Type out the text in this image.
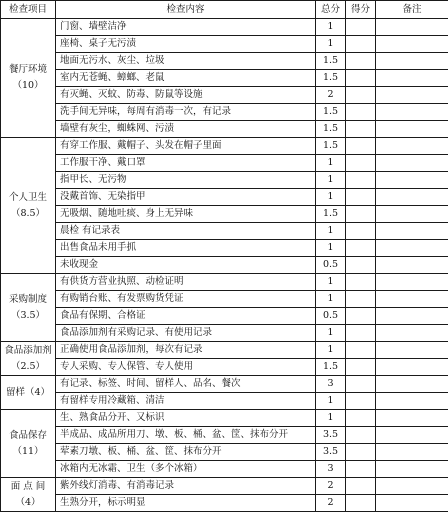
检查项目	检查内容	总分	得分	备注

餐厅环境
（10）	门窗、墙壁洁净	1		
	座椅、桌子无污渍	1		
	地面无污水、灰尘、垃圾	1.5		
	室内无苍蝇、蟑螂、老鼠	1.5		
	有灭蝇、灭蚊、防毒、防鼠等设施	2		
	洗手间无异味，每周有消毒一次，有记录	1.5		
	墙壁有灰尘，蜘蛛网、污渍	1.5		

个人卫生
（8.5）	有穿工作服、戴帽子、头发在帽子里面	1.5		
	工作服干净、戴口罩	1		
	指甲长、无污物	1		
	没戴首饰、无染指甲	1		
	无吸烟、随地吐痰、身上无异味	1.5		
	晨检 有记录表	1		
	出售食品未用手抓	1		
	未收现金	0.5		

采购制度
（3.5）	有供货方营业执照、动检证明	1		
	有购销台账、有发票购货凭证	1		
	食品有保期、合格证	0.5		
	食品添加剂有采购记录、有使用记录	1		

食品添加剂
（2.5）	正确使用食品添加剂，每次有记录	1		
	专人采购、专人保管、专人使用	1.5		

留样（4）	有记录、标签、时间、留样人、品名、餐次	3		
	有留样专用冷藏箱、清洁	1		

食品保存
（11）	生、熟食品分开、又标识	1		
	半成品、成品所用刀、墩、板、桶、盆、筐、抹布分开	3.5		
	荤素刀墩、板、桶、盆、筐、抹布分开	3.5		
	冰箱内无冰霜、卫生（多个冰箱）	3		

面 点 间
（4）	紫外线灯消毒、有消毒记录	2		
	生熟分开，标示明显	2		
